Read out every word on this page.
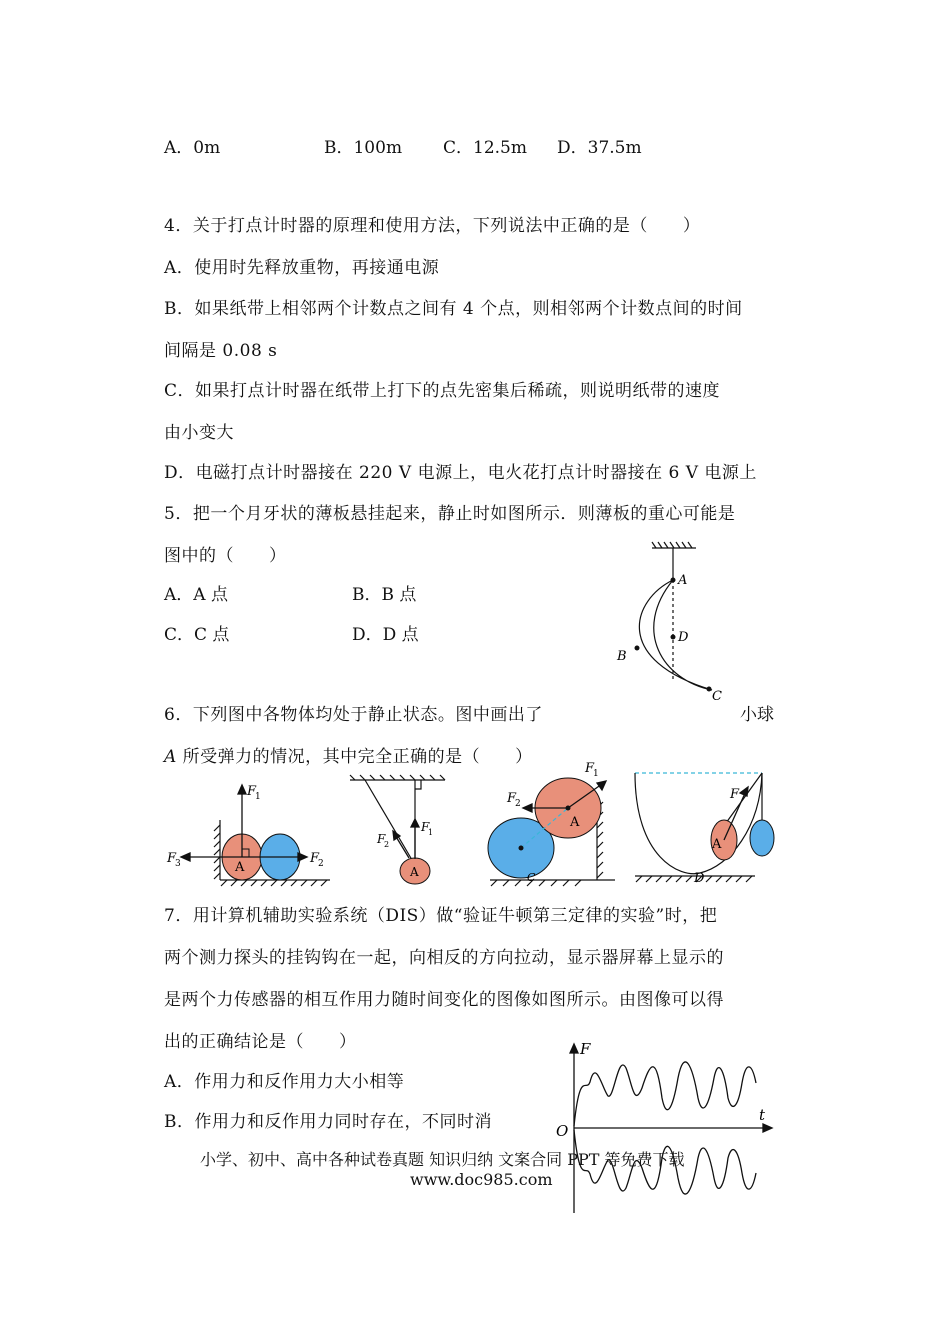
A．0m	B．100m C．12.5m D．37.5m
4．关于打点计时器的原理和使用方法，下列说法中正确的是（　　）
A．使用时先释放重物，再接通电源
B．如果纸带上相邻两个计数点之间有 4 个点，则相邻两个计数点间的时间
间隔是 0.08 s
C．如果打点计时器在纸带上打下的点先密集后稀疏，则说明纸带的速度
由小变大
D．电磁打点计时器接在 220 V 电源上，电火花打点计时器接在 6 V 电源上
5．把一个月牙状的薄板悬挂起来，静止时如图所示．则薄板的重心可能是
图中的（　　）
A．A 点	B．B 点
C．C 点	D．D 点
A
D
B
C
6．下列图中各物体均处于静止状态。图中画出了	小球
A 所受弹力的情况，其中完全正确的是（　　）
A
F
1
F
2
F
3
A
F
1
F
2
A
F
2
F
1
C
A
F
D
7．用计算机辅助实验系统（DIS）做“验证牛顿第三定律的实验”时，把
两个测力探头的挂钩钩在一起，向相反的方向拉动，显示器屏幕上显示的
是两个力传感器的相互作用力随时间变化的图像如图所示。由图像可以得
出的正确结论是（　　）
A．作用力和反作用力大小相等
B．作用力和反作用力同时存在，不同时消
F
t
O
小学、初中、高中各种试卷真题 知识归纳 文案合同 PPT 等免费下载
www.doc985.com
